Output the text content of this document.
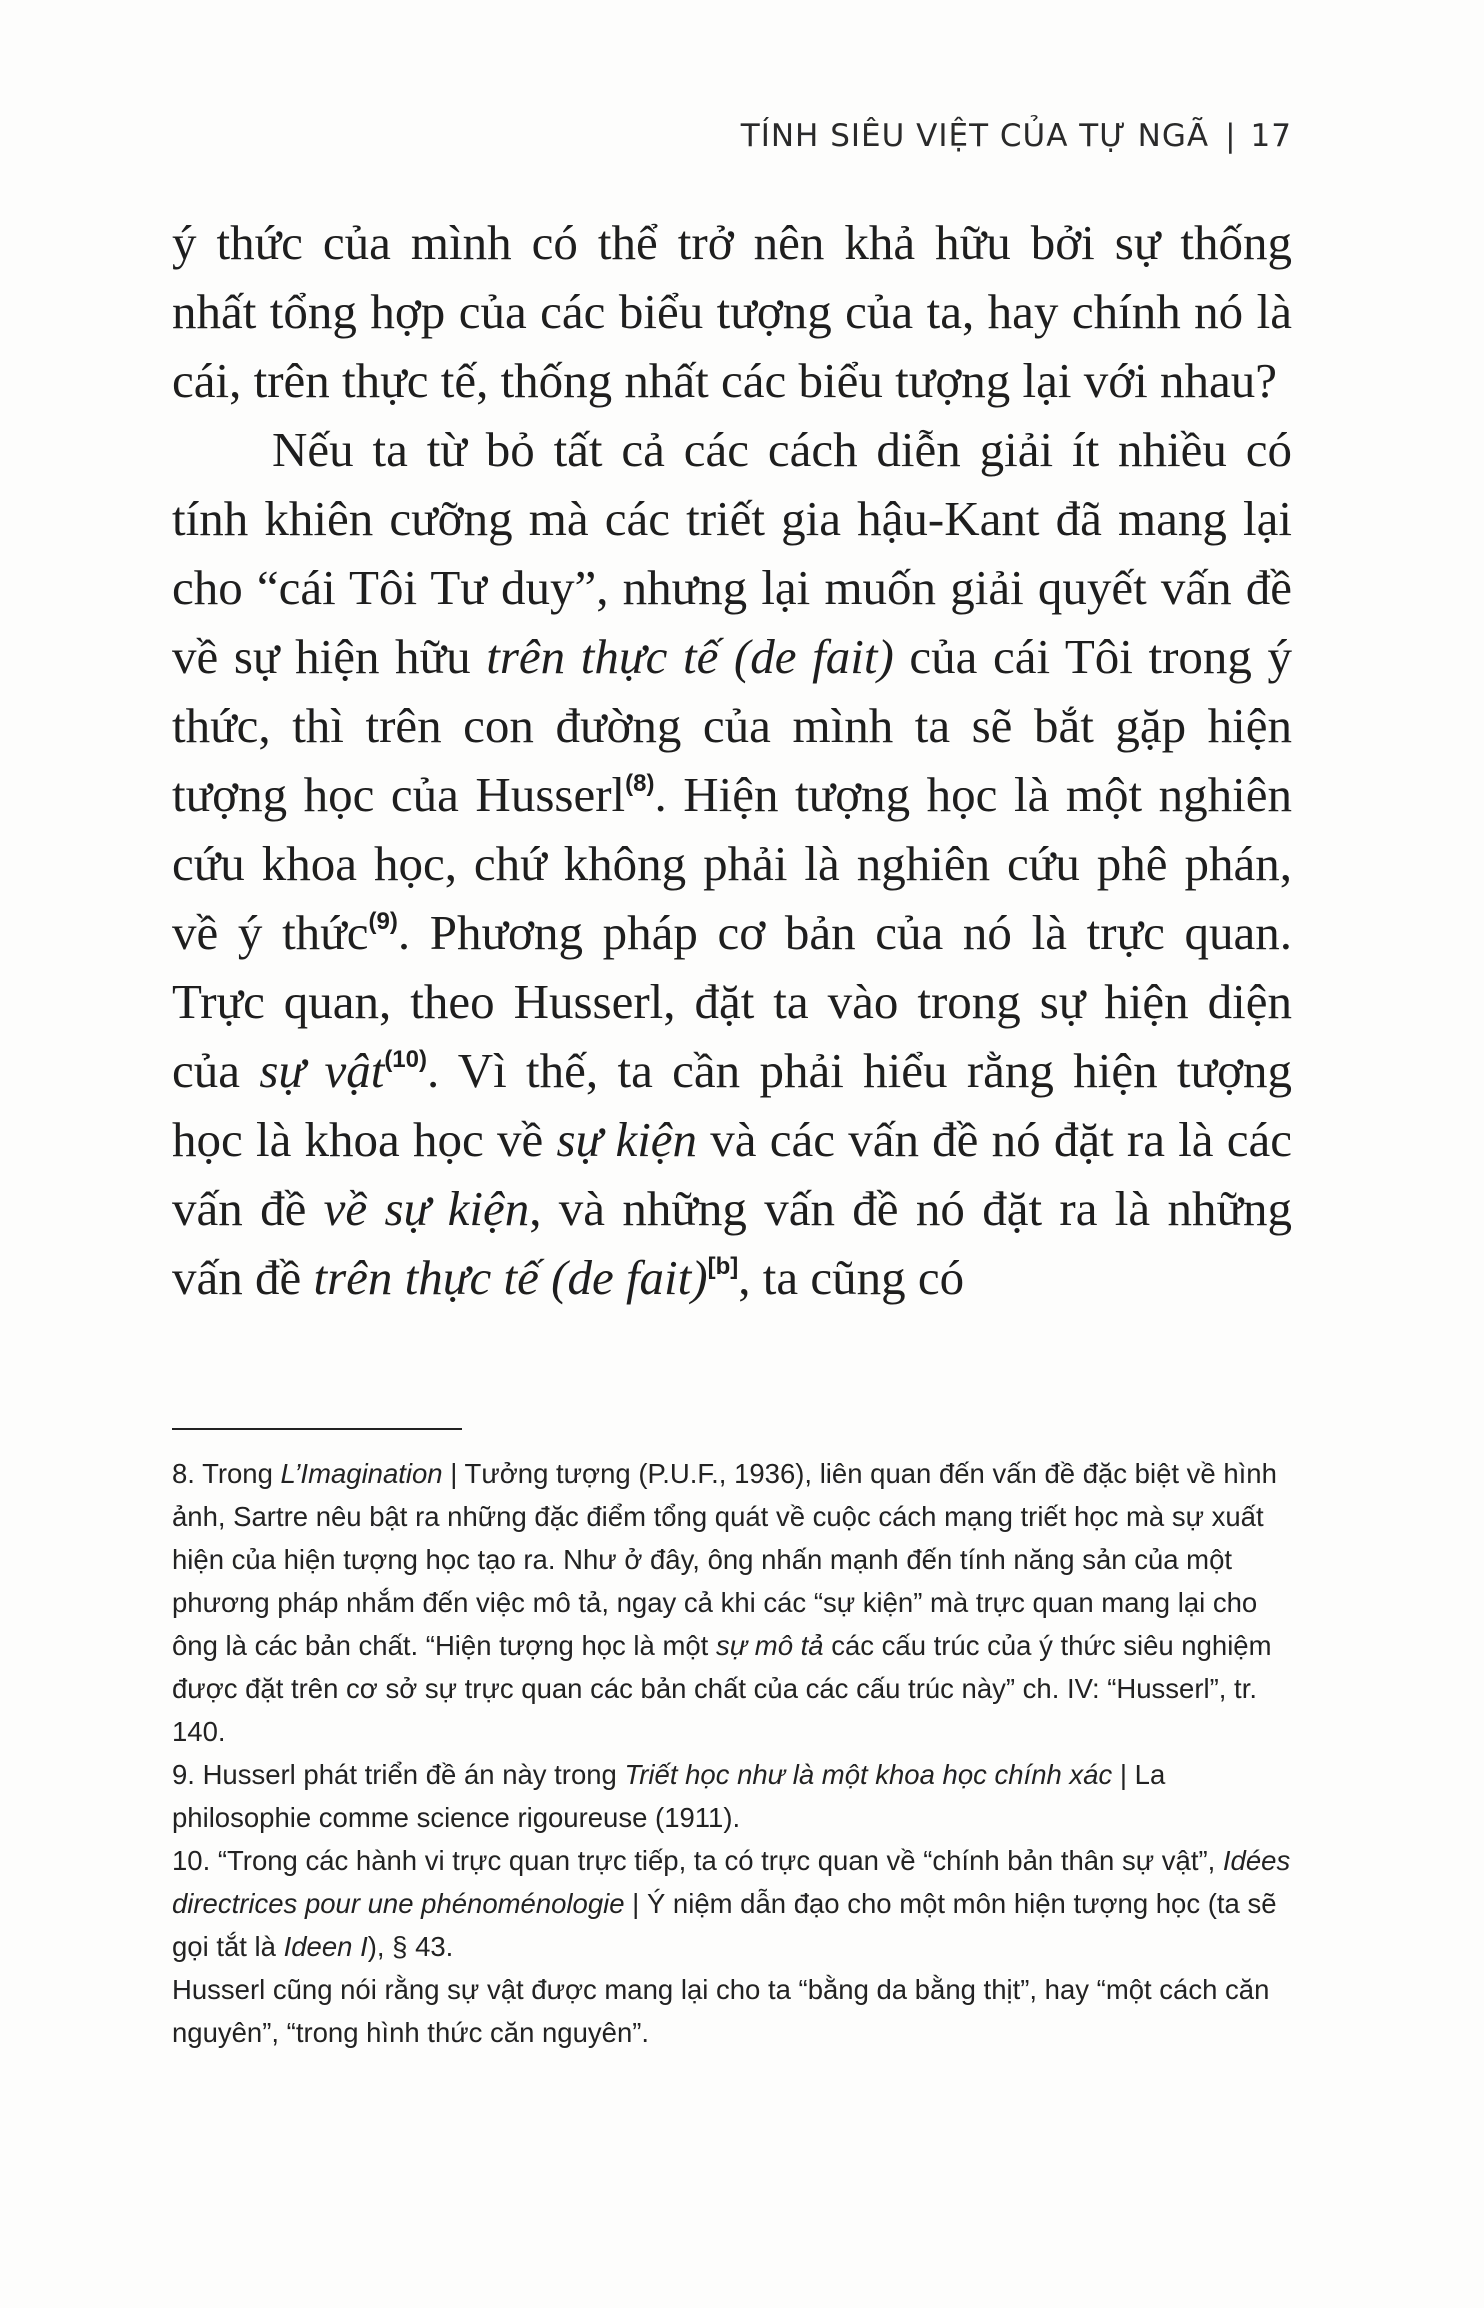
TÍNH SIÊU VIỆT CỦA TỰ NGÃ | 17

ý thức của mình có thể trở nên khả hữu bởi sự thống nhất tổng hợp của các biểu tượng của ta, hay chính nó là cái, trên thực tế, thống nhất các biểu tượng lại với nhau?

Nếu ta từ bỏ tất cả các cách diễn giải ít nhiều có tính khiên cưỡng mà các triết gia hậu-Kant đã mang lại cho “cái Tôi Tư duy”, nhưng lại muốn giải quyết vấn đề về sự hiện hữu trên thực tế (de fait) của cái Tôi trong ý thức, thì trên con đường của mình ta sẽ bắt gặp hiện tượng học của Husserl$^{(8)}$. Hiện tượng học là một nghiên cứu khoa học, chứ không phải là nghiên cứu phê phán, về ý thức$^{(9)}$. Phương pháp cơ bản của nó là trực quan. Trực quan, theo Husserl, đặt ta vào trong sự hiện diện của sự vật$^{(10)}$. Vì thế, ta cần phải hiểu rằng hiện tượng học là khoa học về sự kiện và các vấn đề nó đặt ra là các vấn đề về sự kiện, và những vấn đề nó đặt ra là những vấn đề trên thực tế (de fait)[b], ta cũng có

8. Trong L’Imagination | Tưởng tượng (P.U.F., 1936), liên quan đến vấn đề đặc biệt về hình ảnh, Sartre nêu bật ra những đặc điểm tổng quát về cuộc cách mạng triết học mà sự xuất hiện của hiện tượng học tạo ra. Như ở đây, ông nhấn mạnh đến tính năng sản của một phương pháp nhắm đến việc mô tả, ngay cả khi các “sự kiện” mà trực quan mang lại cho ông là các bản chất. “Hiện tượng học là một sự mô tả các cấu trúc của ý thức siêu nghiệm được đặt trên cơ sở sự trực quan các bản chất của các cấu trúc này” ch. IV: “Husserl”, tr. 140.

9. Husserl phát triển đề án này trong Triết học như là một khoa học chính xác | La philosophie comme science rigoureuse (1911).

10. “Trong các hành vi trực quan trực tiếp, ta có trực quan về “chính bản thân sự vật”, Idées directrices pour une phénoménologie | Ý niệm dẫn đạo cho một môn hiện tượng học (ta sẽ gọi tắt là Ideen I), § 43.

Husserl cũng nói rằng sự vật được mang lại cho ta “bằng da bằng thịt”, hay “một cách căn nguyên”, “trong hình thức căn nguyên”.
